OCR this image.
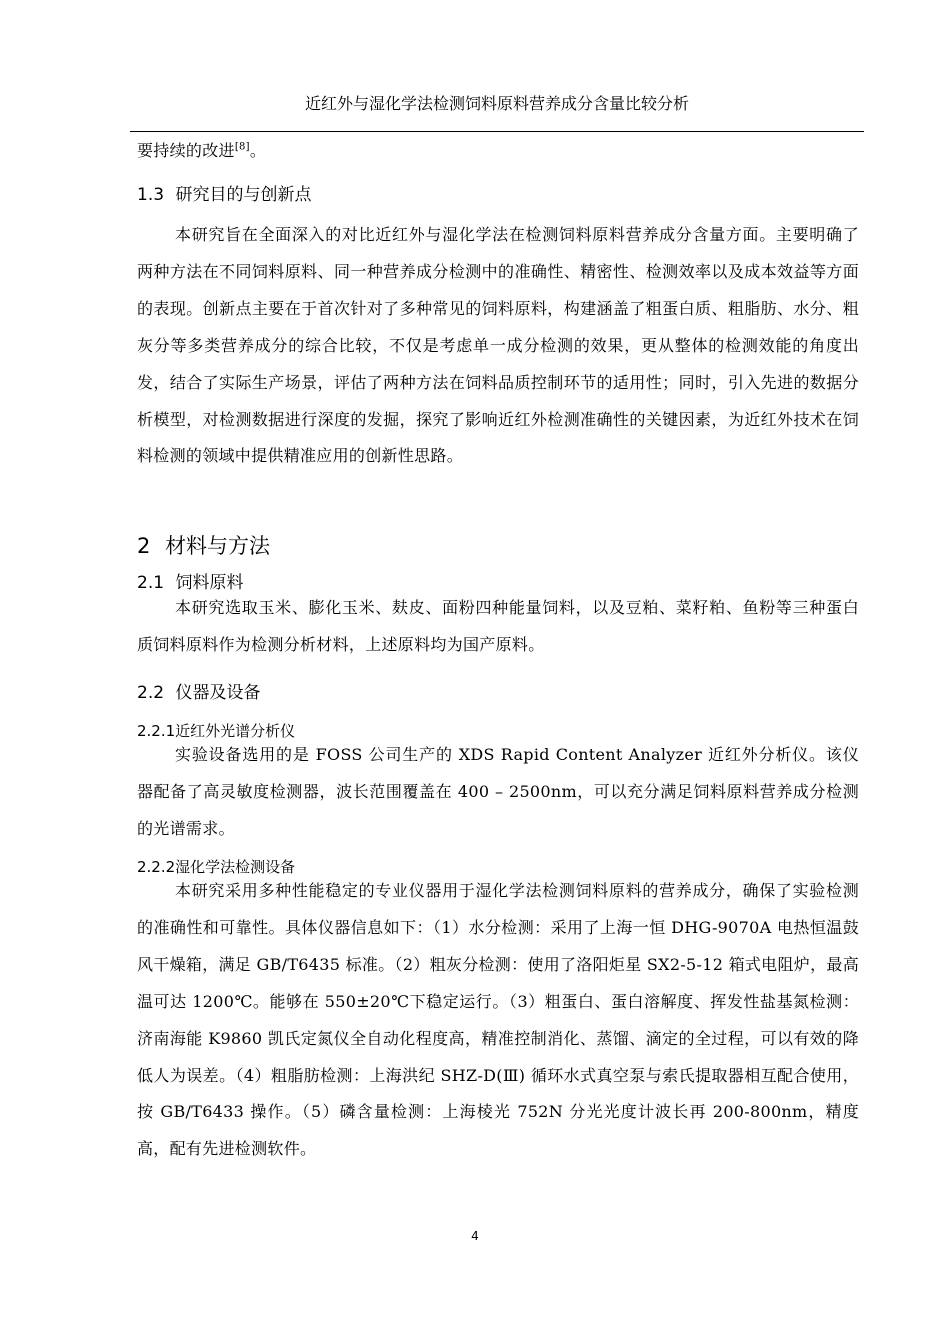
近红外与湿化学法检测饲料原料营养成分含量比较分析

要持续的改进[8]。

1.3 研究目的与创新点

本研究旨在全面深入的对比近红外与湿化学法在检测饲料原料营养成分含量方面。主要明确了两种方法在不同饲料原料、同一种营养成分检测中的准确性、精密性、检测效率以及成本效益等方面的表现。创新点主要在于首次针对了多种常见的饲料原料，构建涵盖了粗蛋白质、粗脂肪、水分、粗灰分等多类营养成分的综合比较，不仅是考虑单一成分检测的效果，更从整体的检测效能的角度出发，结合了实际生产场景，评估了两种方法在饲料品质控制环节的适用性；同时，引入先进的数据分析模型，对检测数据进行深度的发掘，探究了影响近红外检测准确性的关键因素，为近红外技术在饲料检测的领域中提供精准应用的创新性思路。

2 材料与方法
2.1 饲料原料

本研究选取玉米、膨化玉米、麸皮、面粉四种能量饲料，以及豆粕、菜籽粕、鱼粉等三种蛋白质饲料原料作为检测分析材料，上述原料均为国产原料。

2.2 仪器及设备
2.2.1近红外光谱分析仪

实验设备选用的是 FOSS 公司生产的 XDS Rapid Content Analyzer 近红外分析仪。该仪器配备了高灵敏度检测器，波长范围覆盖在 400 – 2500nm，可以充分满足饲料原料营养成分检测的光谱需求。

2.2.2湿化学法检测设备

本研究采用多种性能稳定的专业仪器用于湿化学法检测饲料原料的营养成分，确保了实验检测的准确性和可靠性。具体仪器信息如下：（1）水分检测：采用了上海一恒 DHG-9070A 电热恒温鼓风干燥箱，满足 GB/T6435 标准。（2）粗灰分检测：使用了洛阳炬星 SX2-5-12 箱式电阻炉，最高温可达 1200℃。能够在 550±20℃下稳定运行。（3）粗蛋白、蛋白溶解度、挥发性盐基氮检测：济南海能 K9860 凯氏定氮仪全自动化程度高，精准控制消化、蒸馏、滴定的全过程，可以有效的降低人为误差。（4）粗脂肪检测：上海洪纪 SHZ-D(Ⅲ) 循环水式真空泵与索氏提取器相互配合使用，按 GB/T6433 操作。（5）磷含量检测：上海棱光 752N 分光光度计波长再 200-800nm，精度高，配有先进检测软件。

4
